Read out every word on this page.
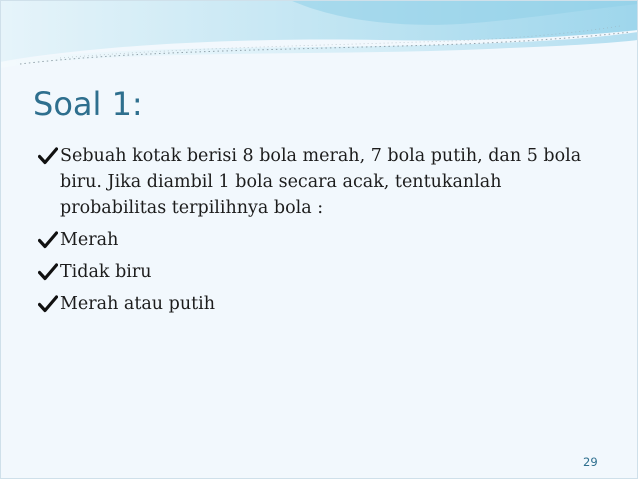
Soal 1:
Sebuah kotak berisi 8 bola merah, 7 bola putih, dan 5 bola biru. Jika diambil 1 bola secara acak, tentukanlah probabilitas terpilihnya bola :
Merah
Tidak biru
Merah atau putih
29
